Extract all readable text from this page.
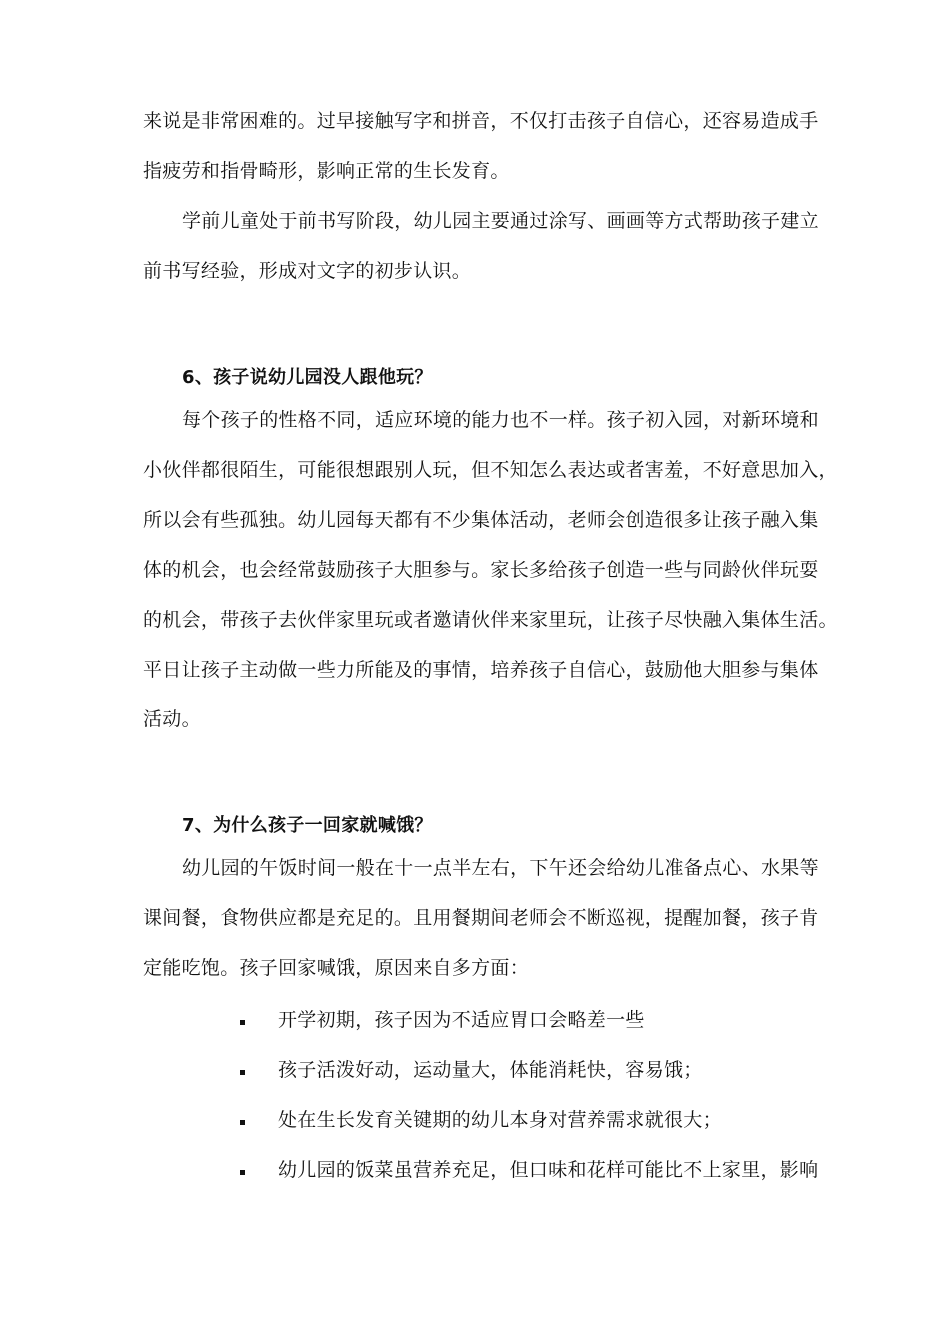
来说是非常困难的。过早接触写字和拼音，不仅打击孩子自信心，还容易造成手
指疲劳和指骨畸形，影响正常的生长发育。
学前儿童处于前书写阶段，幼儿园主要通过涂写、画画等方式帮助孩子建立
前书写经验，形成对文字的初步认识。
6、孩子说幼儿园没人跟他玩？
每个孩子的性格不同，适应环境的能力也不一样。孩子初入园，对新环境和
小伙伴都很陌生，可能很想跟别人玩，但不知怎么表达或者害羞，不好意思加入，
所以会有些孤独。幼儿园每天都有不少集体活动，老师会创造很多让孩子融入集
体的机会，也会经常鼓励孩子大胆参与。家长多给孩子创造一些与同龄伙伴玩耍
的机会，带孩子去伙伴家里玩或者邀请伙伴来家里玩，让孩子尽快融入集体生活。
平日让孩子主动做一些力所能及的事情，培养孩子自信心，鼓励他大胆参与集体
活动。
7、为什么孩子一回家就喊饿？
幼儿园的午饭时间一般在十一点半左右，下午还会给幼儿准备点心、水果等
课间餐，食物供应都是充足的。且用餐期间老师会不断巡视，提醒加餐，孩子肯
定能吃饱。孩子回家喊饿，原因来自多方面：
开学初期，孩子因为不适应胃口会略差一些
孩子活泼好动，运动量大，体能消耗快，容易饿；
处在生长发育关键期的幼儿本身对营养需求就很大；
幼儿园的饭菜虽营养充足，但口味和花样可能比不上家里，影响
